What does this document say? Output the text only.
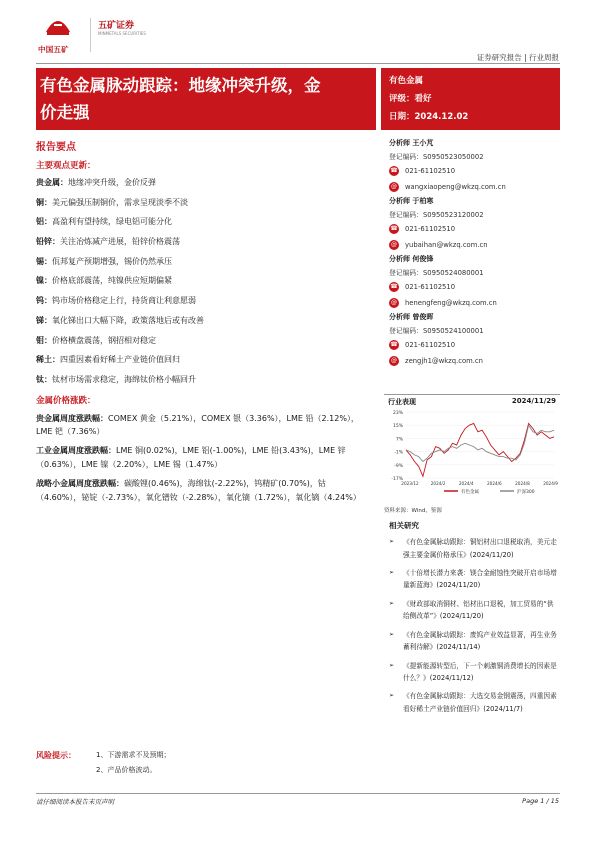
中国五矿
五矿证券
MINMETALS SECURITIES
证券研究报告 | 行业周报
有色金属脉动跟踪：地缘冲突升级，金
价走强
有色金属
评级：看好
日期：2024.12.02
报告要点
主要观点更新：
贵金属：地缘冲突升级，金价反弹
铜：美元偏强压制铜价，需求呈现淡季不淡
铝：高盈利有望持续，绿电铝可能分化
铅锌：关注冶炼减产进展，铅锌价格震荡
锡：佤邦复产预期增强，锡价仍然承压
镍：价格底部震荡，纯镍供应短期偏紧
钨：钨市场价格稳定上行，持货商让利意愿弱
锑：氧化锑出口大幅下降，政策落地后或有改善
钼：价格横盘震荡，钢招相对稳定
稀土：四重因素看好稀土产业链价值回归
钛：钛材市场需求稳定，海绵钛价格小幅回升
金属价格涨跌：
贵金属周度涨跌幅：COMEX 黄金（5.21%），COMEX 银（3.36%），LME 铅（2.12%），LME 钯（7.36%）
工业金属周度涨跌幅：LME 铜(0.02%)，LME 铝(-1.00%)，LME 铅(3.43%)，LME 锌（0.63%），LME 镍（2.20%），LME 锡（1.47%）
战略小金属周度涨跌幅：碳酸锂(0.46%)，海绵钛(-2.22%)，钨精矿(0.70%)，钴（4.60%），铋锭（-2.73%），氧化镨钕（-2.28%），氧化镝（1.72%），氧化镝（4.24%）
分析师 王小芃
登记编码：S0950523050002
☎ 021-61102510
@ wangxiaopeng@wkzq.com.cn
分析师 于柏寒
登记编码：S0950523120002
☎ 021-61102510
@ yubaihan@wkzq.com.cn
分析师 何俊锋
登记编码：S0950524080001
☎ 021-61102510
@ henengfeng@wkzq.com.cn
分析师 曾俊晖
登记编码：S0950524100001
☎ 021-61102510
@ zengjh1@wkzq.com.cn
行业表现	2024/11/29
23%
15%
7%
-1%
-9%
-17%
2023/12	2024/2	2024/4	2024/6	2024/8	2024/9
有色金属	沪深300
资料来源：Wind，鉴源
相关研究
➢ 《有色金属脉动跟踪：铜铝材出口退税取消，美元走强主要金属价格承压》(2024/11/20)
➢ 《十倍增长潜力来袭：镁合金耐蚀性突破开启市场增量新蓝海》(2024/11/20)
➢ 《财政部取消铜材、铝材出口退税，加工贸易的“供给侧改革”》(2024/11/20)
➢ 《有色金属脉动跟踪：废钨产业效益显著，再生业务蓄利待解》(2024/11/14)
➢ 《提新能源转型后，下一个刺激铜消费增长的因素是什么？》(2024/11/12)
➢ 《有色金属脉动跟踪：大选交易金钢震荡，四重因素看好稀土产业链价值回归》(2024/11/7)
风险提示：	1、下游需求不及预期；
2、产品价格波动。
请仔细阅读本报告末页声明	Page 1 / 15
